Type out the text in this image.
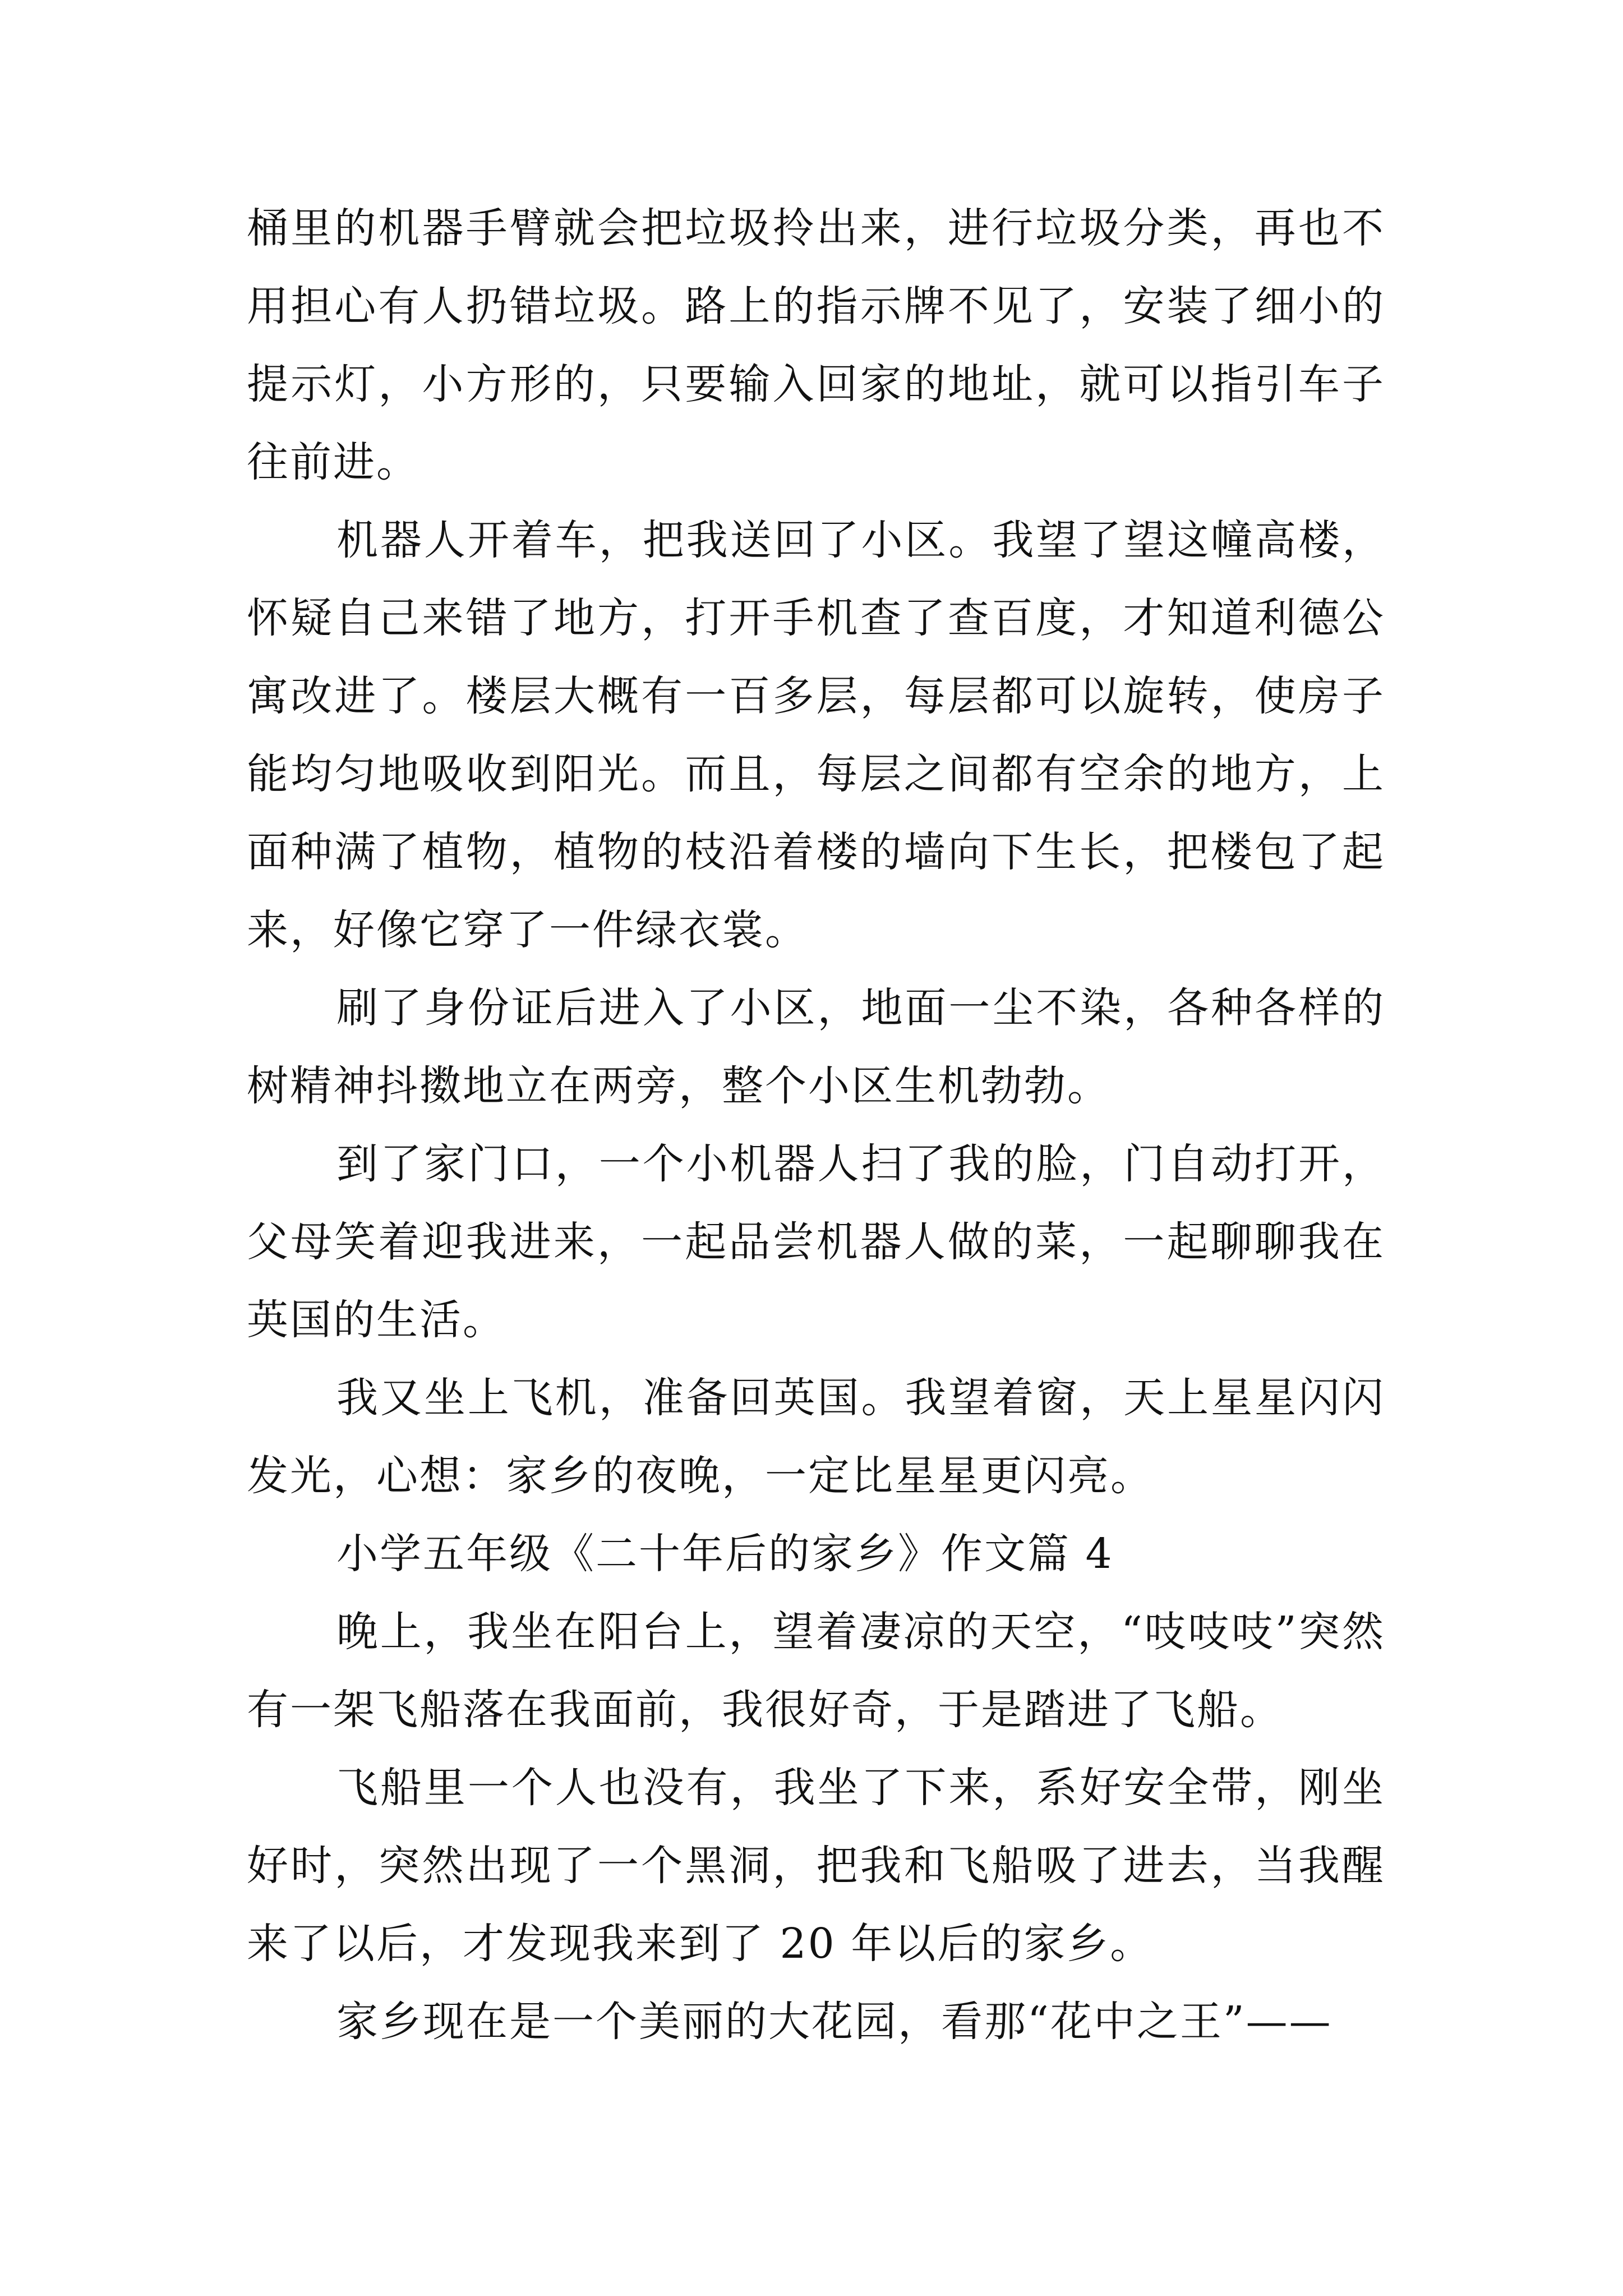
桶里的机器手臂就会把垃圾拎出来，进行垃圾分类，再也不用担心有人扔错垃圾。路上的指示牌不见了，安装了细小的提示灯，小方形的，只要输入回家的地址，就可以指引车子往前进。

机器人开着车，把我送回了小区。我望了望这幢高楼，怀疑自己来错了地方，打开手机查了查百度，才知道利德公寓改进了。楼层大概有一百多层，每层都可以旋转，使房子能均匀地吸收到阳光。而且，每层之间都有空余的地方，上面种满了植物，植物的枝沿着楼的墙向下生长，把楼包了起来，好像它穿了一件绿衣裳。

刷了身份证后进入了小区，地面一尘不染，各种各样的树精神抖擞地立在两旁，整个小区生机勃勃。

到了家门口，一个小机器人扫了我的脸，门自动打开，父母笑着迎我进来，一起品尝机器人做的菜，一起聊聊我在英国的生活。

我又坐上飞机，准备回英国。我望着窗，天上星星闪闪发光，心想：家乡的夜晚，一定比星星更闪亮。

小学五年级《二十年后的家乡》作文篇 4

晚上，我坐在阳台上，望着凄凉的天空，“吱吱吱”突然有一架飞船落在我面前，我很好奇，于是踏进了飞船。

飞船里一个人也没有，我坐了下来，系好安全带，刚坐好时，突然出现了一个黑洞，把我和飞船吸了进去，当我醒来了以后，才发现我来到了 20 年以后的家乡。

家乡现在是一个美丽的大花园，看那“花中之王”——
